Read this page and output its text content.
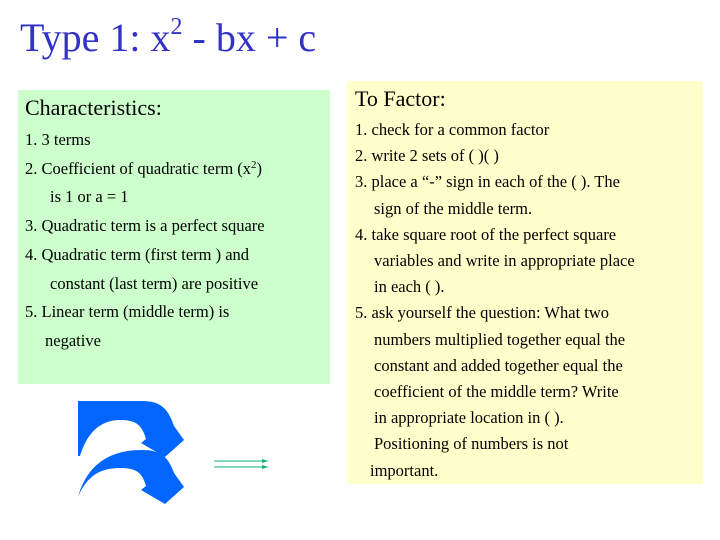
Type 1: $x^2$ - bx + c
Characteristics:
1. 3 terms
2. Coefficient of quadratic term $(x^2)$
is 1 or a = 1
3. Quadratic term is a perfect square
4. Quadratic term (first term ) and
constant (last term) are positive
5. Linear term (middle term) is
negative
To Factor:
1. check for a common factor
2. write 2 sets of ( )( )
3. place a “-” sign in each of the ( ). The
sign of the middle term.
4. take square root of the perfect square
variables and write in appropriate place
in each ( ).
5. ask yourself the question: What two
numbers multiplied together equal the
constant and added together equal the
coefficient of the middle term? Write
in appropriate location in ( ).
Positioning of numbers is not
important.
